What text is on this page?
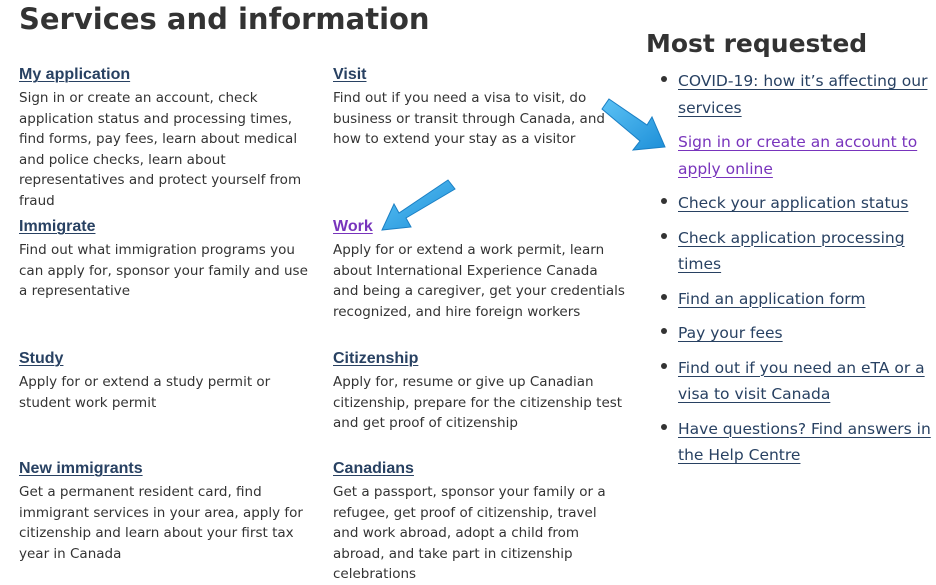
Services and information
My application

Sign in or create an account, check application status and processing times, find forms, pay fees, learn about medical and police checks, learn about representatives and protect yourself from fraud

Visit

Find out if you need a visa to visit, do business or transit through Canada, and how to extend your stay as a visitor

Immigrate

Find out what immigration programs you can apply for, sponsor your family and use a representative

Work

Apply for or extend a work permit, learn about International Experience Canada and being a caregiver, get your credentials recognized, and hire foreign workers

Study

Apply for or extend a study permit or student work permit

Citizenship

Apply for, resume or give up Canadian citizenship, prepare for the citizenship test and get proof of citizenship

New immigrants

Get a permanent resident card, find immigrant services in your area, apply for citizenship and learn about your first tax year in Canada

Canadians

Get a passport, sponsor your family or a refugee, get proof of citizenship, travel and work abroad, adopt a child from abroad, and take part in citizenship celebrations

Most requested
COVID-19: how it’s affecting our services
Sign in or create an account to apply online
Check your application status
Check application processing times
Find an application form
Pay your fees
Find out if you need an eTA or a visa to visit Canada
Have questions? Find answers in the Help Centre
